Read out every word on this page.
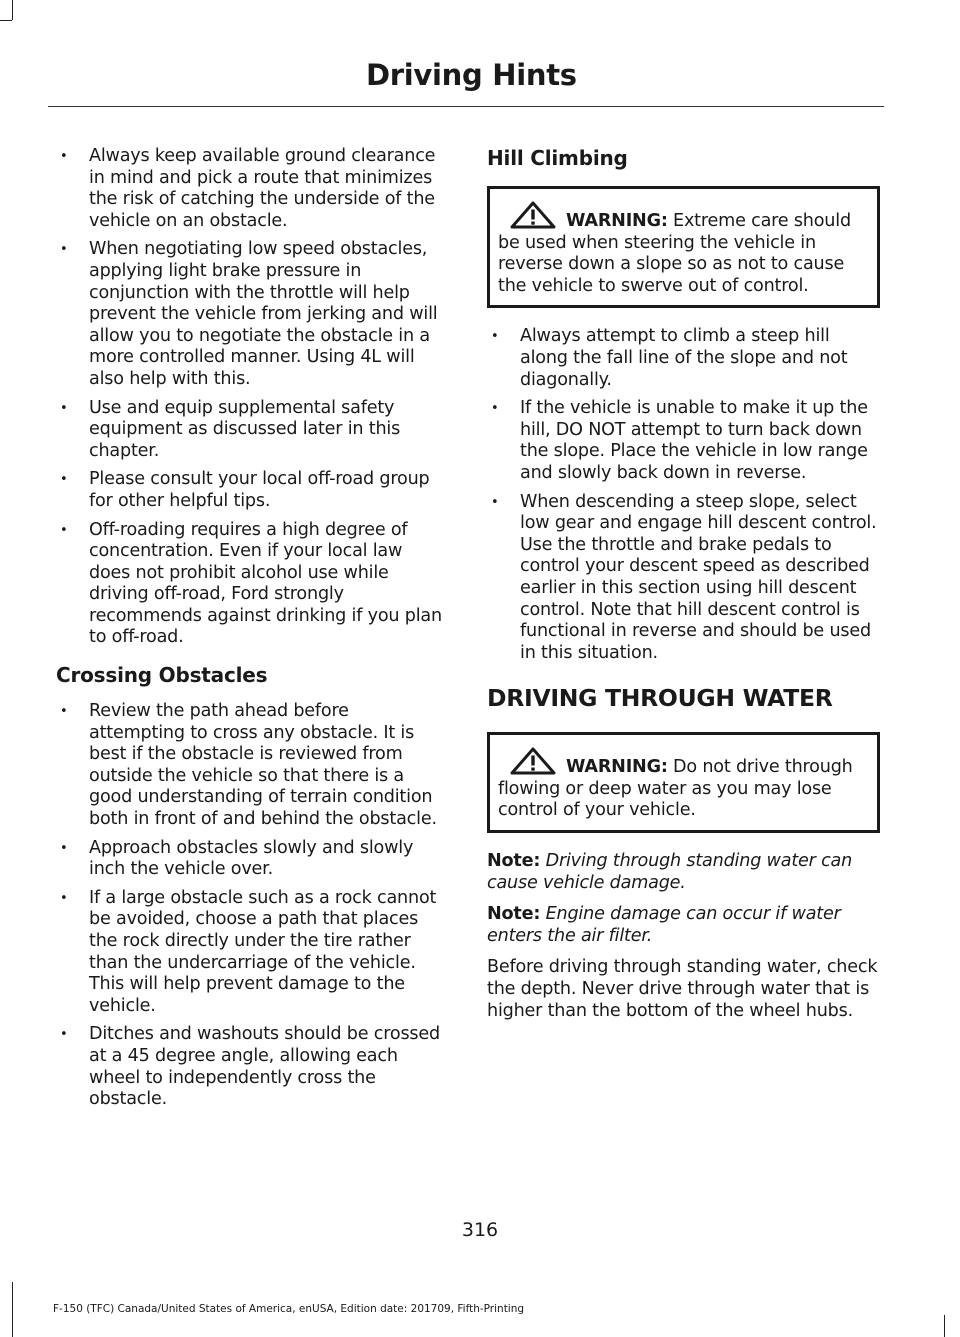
Driving Hints
• Always keep available ground clearance in mind and pick a route that minimizes the risk of catching the underside of the vehicle on an obstacle.
• When negotiating low speed obstacles, applying light brake pressure in conjunction with the throttle will help prevent the vehicle from jerking and will allow you to negotiate the obstacle in a more controlled manner. Using 4L will also help with this.
• Use and equip supplemental safety equipment as discussed later in this chapter.
• Please consult your local off-road group for other helpful tips.
• Off-roading requires a high degree of concentration. Even if your local law does not prohibit alcohol use while driving off-road, Ford strongly recommends against drinking if you plan to off-road.
Crossing Obstacles
• Review the path ahead before attempting to cross any obstacle. It is best if the obstacle is reviewed from outside the vehicle so that there is a good understanding of terrain condition both in front of and behind the obstacle.
• Approach obstacles slowly and slowly inch the vehicle over.
• If a large obstacle such as a rock cannot be avoided, choose a path that places the rock directly under the tire rather than the undercarriage of the vehicle. This will help prevent damage to the vehicle.
• Ditches and washouts should be crossed at a 45 degree angle, allowing each wheel to independently cross the obstacle.
Hill Climbing
WARNING: Extreme care should be used when steering the vehicle in reverse down a slope so as not to cause the vehicle to swerve out of control.
• Always attempt to climb a steep hill along the fall line of the slope and not diagonally.
• If the vehicle is unable to make it up the hill, DO NOT attempt to turn back down the slope. Place the vehicle in low range and slowly back down in reverse.
• When descending a steep slope, select low gear and engage hill descent control. Use the throttle and brake pedals to control your descent speed as described earlier in this section using hill descent control. Note that hill descent control is functional in reverse and should be used in this situation.
DRIVING THROUGH WATER
WARNING: Do not drive through flowing or deep water as you may lose control of your vehicle.

Note: Driving through standing water can cause vehicle damage.

Note: Engine damage can occur if water enters the air filter.

Before driving through standing water, check the depth. Never drive through water that is higher than the bottom of the wheel hubs.

316
F-150 (TFC) Canada/United States of America, enUSA, Edition date: 201709, Fifth-Printing
